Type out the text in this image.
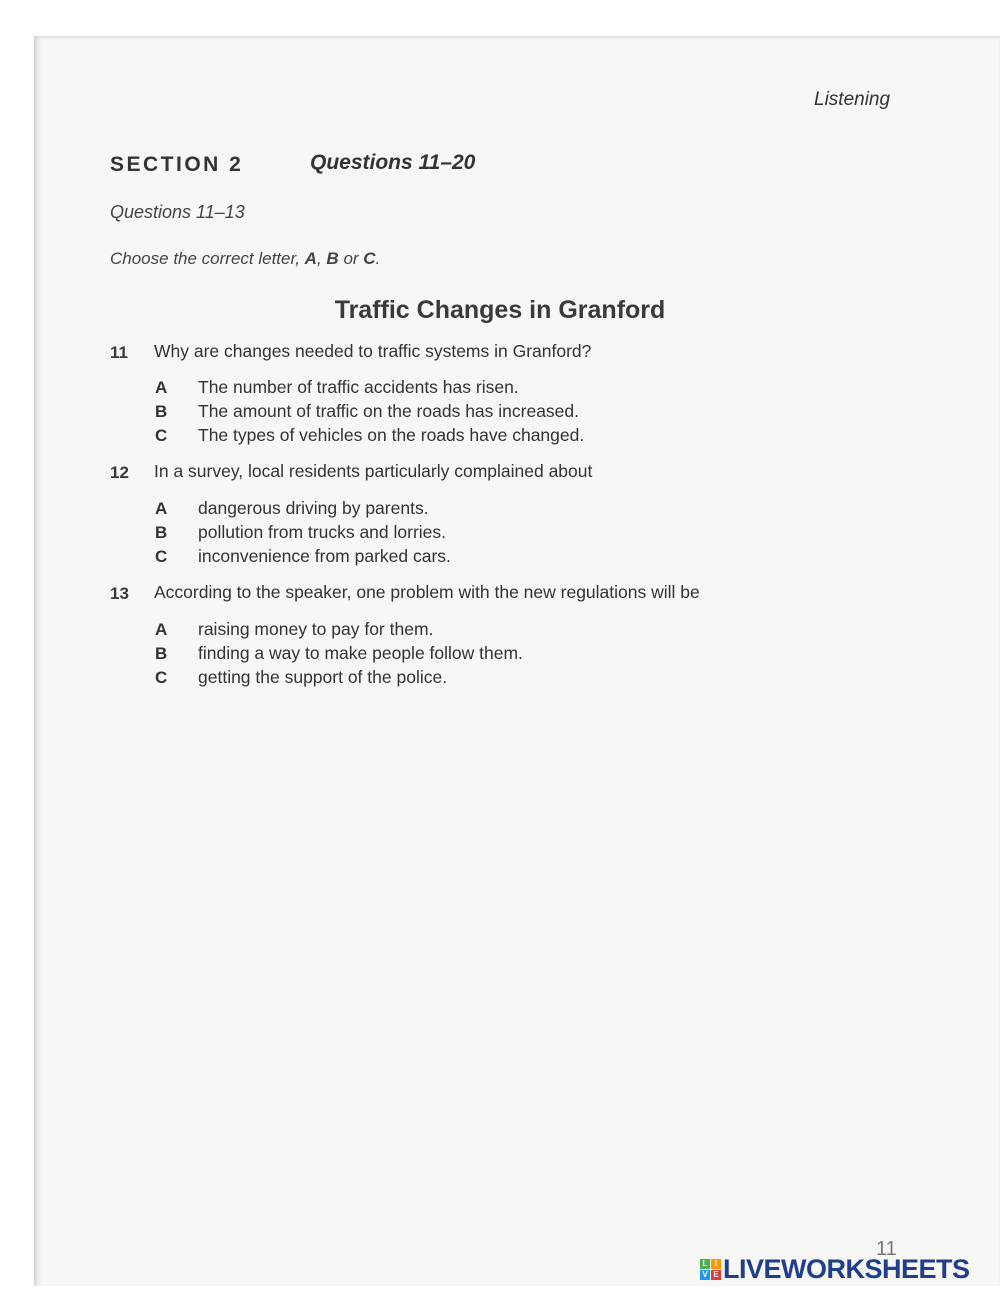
Listening
SECTION 2	Questions 11–20
Questions 11–13
Choose the correct letter, A, B or C.
Traffic Changes in Granford
11 Why are changes needed to traffic systems in Granford?
A The number of traffic accidents has risen.
B The amount of traffic on the roads has increased.
C The types of vehicles on the roads have changed.
12 In a survey, local residents particularly complained about
A dangerous driving by parents.
B pollution from trucks and lorries.
C inconvenience from parked cars.
13 According to the speaker, one problem with the new regulations will be
A raising money to pay for them.
B finding a way to make people follow them.
C getting the support of the police.
11
L I
V E LIVEWORKSHEETS
